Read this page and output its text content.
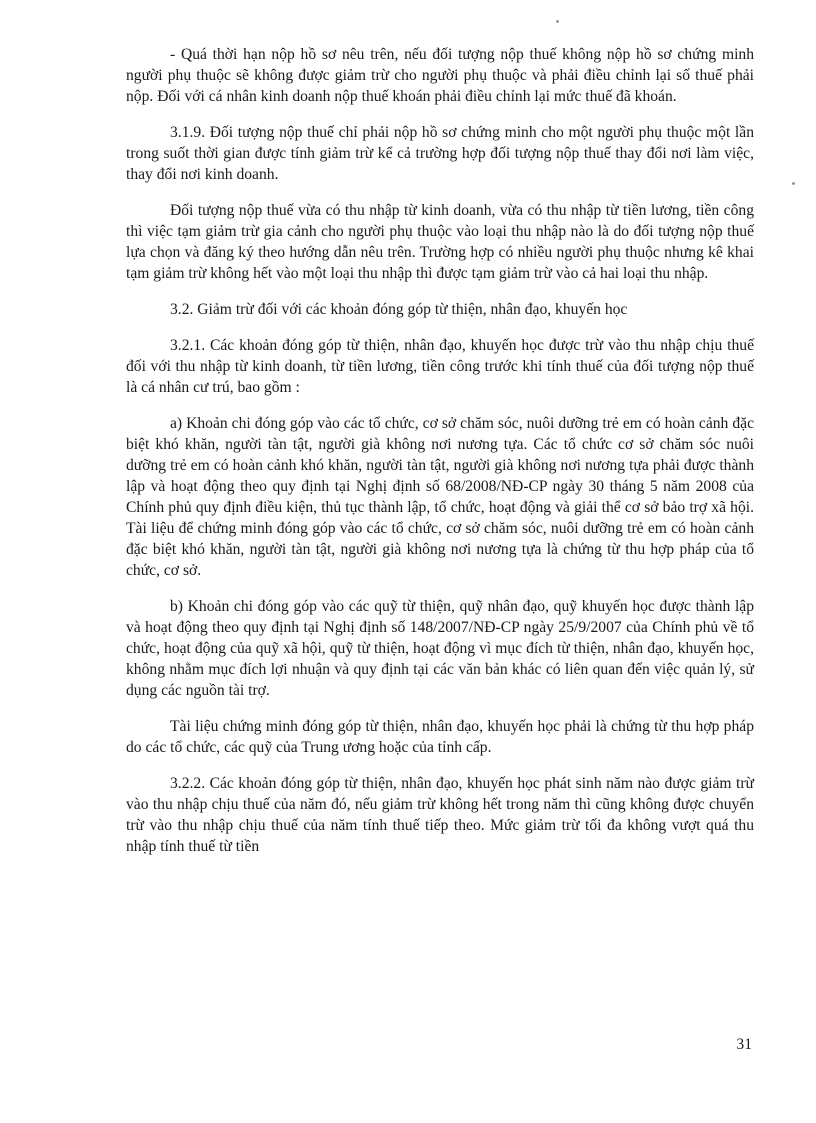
- Quá thời hạn nộp hồ sơ nêu trên, nếu đối tượng nộp thuế không nộp hồ sơ chứng minh người phụ thuộc sẽ không được giảm trừ cho người phụ thuộc và phải điều chỉnh lại số thuế phải nộp. Đối với cá nhân kinh doanh nộp thuế khoán phải điều chỉnh lại mức thuế đã khoán.

3.1.9. Đối tượng nộp thuế chỉ phải nộp hồ sơ chứng minh cho một người phụ thuộc một lần trong suốt thời gian được tính giảm trừ kể cả trường hợp đối tượng nộp thuế thay đổi nơi làm việc, thay đổi nơi kinh doanh.

Đối tượng nộp thuế vừa có thu nhập từ kinh doanh, vừa có thu nhập từ tiền lương, tiền công thì việc tạm giảm trừ gia cảnh cho người phụ thuộc vào loại thu nhập nào là do đối tượng nộp thuế lựa chọn và đăng ký theo hướng dẫn nêu trên. Trường hợp có nhiều người phụ thuộc nhưng kê khai tạm giảm trừ không hết vào một loại thu nhập thì được tạm giảm trừ vào cả hai loại thu nhập.

3.2. Giảm trừ đối với các khoản đóng góp từ thiện, nhân đạo, khuyến học

3.2.1. Các khoản đóng góp từ thiện, nhân đạo, khuyến học được trừ vào thu nhập chịu thuế đối với thu nhập từ kinh doanh, từ tiền lương, tiền công trước khi tính thuế của đối tượng nộp thuế là cá nhân cư trú, bao gồm :

a) Khoản chi đóng góp vào các tổ chức, cơ sở chăm sóc, nuôi dưỡng trẻ em có hoàn cảnh đặc biệt khó khăn, người tàn tật, người già không nơi nương tựa. Các tổ chức cơ sở chăm sóc nuôi dưỡng trẻ em có hoàn cảnh khó khăn, người tàn tật, người già không nơi nương tựa phải được thành lập và hoạt động theo quy định tại Nghị định số 68/2008/NĐ-CP ngày 30 tháng 5 năm 2008 của Chính phủ quy định điều kiện, thủ tục thành lập, tổ chức, hoạt động và giải thể cơ sở bảo trợ xã hội. Tài liệu để chứng minh đóng góp vào các tổ chức, cơ sở chăm sóc, nuôi dưỡng trẻ em có hoàn cảnh đặc biệt khó khăn, người tàn tật, người già không nơi nương tựa là chứng từ thu hợp pháp của tổ chức, cơ sở.

b) Khoản chi đóng góp vào các quỹ từ thiện, quỹ nhân đạo, quỹ khuyến học được thành lập và hoạt động theo quy định tại Nghị định số 148/2007/NĐ-CP ngày 25/9/2007 của Chính phủ về tổ chức, hoạt động của quỹ xã hội, quỹ từ thiện, hoạt động vì mục đích từ thiện, nhân đạo, khuyến học, không nhằm mục đích lợi nhuận và quy định tại các văn bản khác có liên quan đến việc quản lý, sử dụng các nguồn tài trợ.

Tài liệu chứng minh đóng góp từ thiện, nhân đạo, khuyến học phải là chứng từ thu hợp pháp do các tổ chức, các quỹ của Trung ương hoặc của tỉnh cấp.

3.2.2. Các khoản đóng góp từ thiện, nhân đạo, khuyến học phát sinh năm nào được giảm trừ vào thu nhập chịu thuế của năm đó, nếu giảm trừ không hết trong năm thì cũng không được chuyển trừ vào thu nhập chịu thuế của năm tính thuế tiếp theo. Mức giảm trừ tối đa không vượt quá thu nhập tính thuế từ tiền

31
